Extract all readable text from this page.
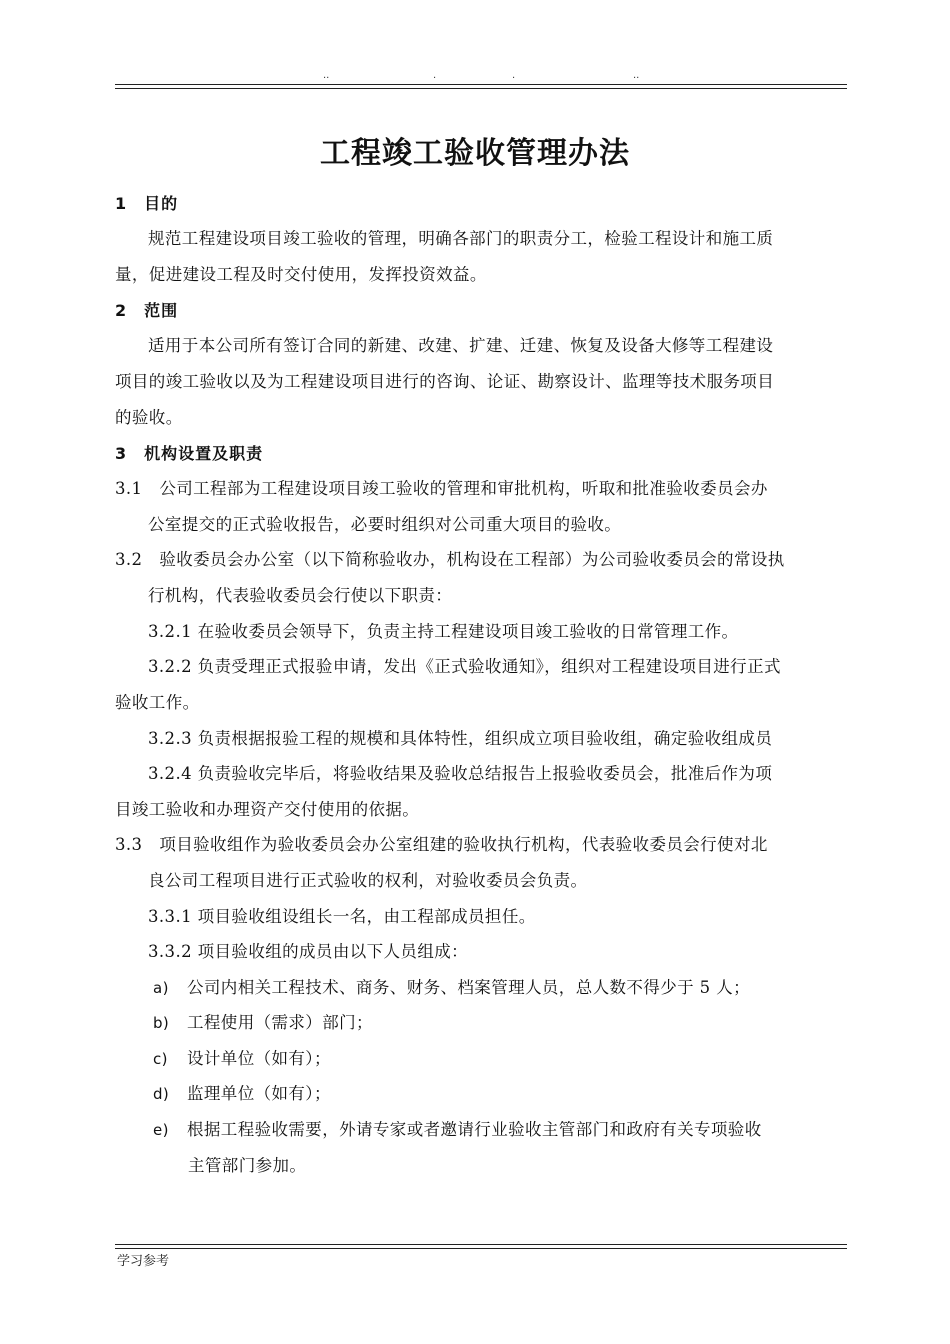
..	.	.	..
工程竣工验收管理办法
1　目的
规范工程建设项目竣工验收的管理，明确各部门的职责分工，检验工程设计和施工质
量，促进建设工程及时交付使用，发挥投资效益。
2　范围
适用于本公司所有签订合同的新建、改建、扩建、迁建、恢复及设备大修等工程建设
项目的竣工验收以及为工程建设项目进行的咨询、论证、勘察设计、监理等技术服务项目
的验收。
3　机构设置及职责
3.1　公司工程部为工程建设项目竣工验收的管理和审批机构，听取和批准验收委员会办
公室提交的正式验收报告，必要时组织对公司重大项目的验收。
3.2　验收委员会办公室（以下简称验收办，机构设在工程部）为公司验收委员会的常设执
行机构，代表验收委员会行使以下职责：
3.2.1 在验收委员会领导下，负责主持工程建设项目竣工验收的日常管理工作。
3.2.2 负责受理正式报验申请，发出《正式验收通知》，组织对工程建设项目进行正式
验收工作。
3.2.3 负责根据报验工程的规模和具体特性，组织成立项目验收组，确定验收组成员
3.2.4 负责验收完毕后，将验收结果及验收总结报告上报验收委员会，批准后作为项
目竣工验收和办理资产交付使用的依据。
3.3　项目验收组作为验收委员会办公室组建的验收执行机构，代表验收委员会行使对北
良公司工程项目进行正式验收的权利，对验收委员会负责。
3.3.1 项目验收组设组长一名，由工程部成员担任。
3.3.2 项目验收组的成员由以下人员组成：
a) 公司内相关工程技术、商务、财务、档案管理人员，总人数不得少于 5 人；
b) 工程使用（需求）部门；
c) 设计单位（如有）；
d) 监理单位（如有）；
e) 根据工程验收需要，外请专家或者邀请行业验收主管部门和政府有关专项验收
主管部门参加。
学习参考
